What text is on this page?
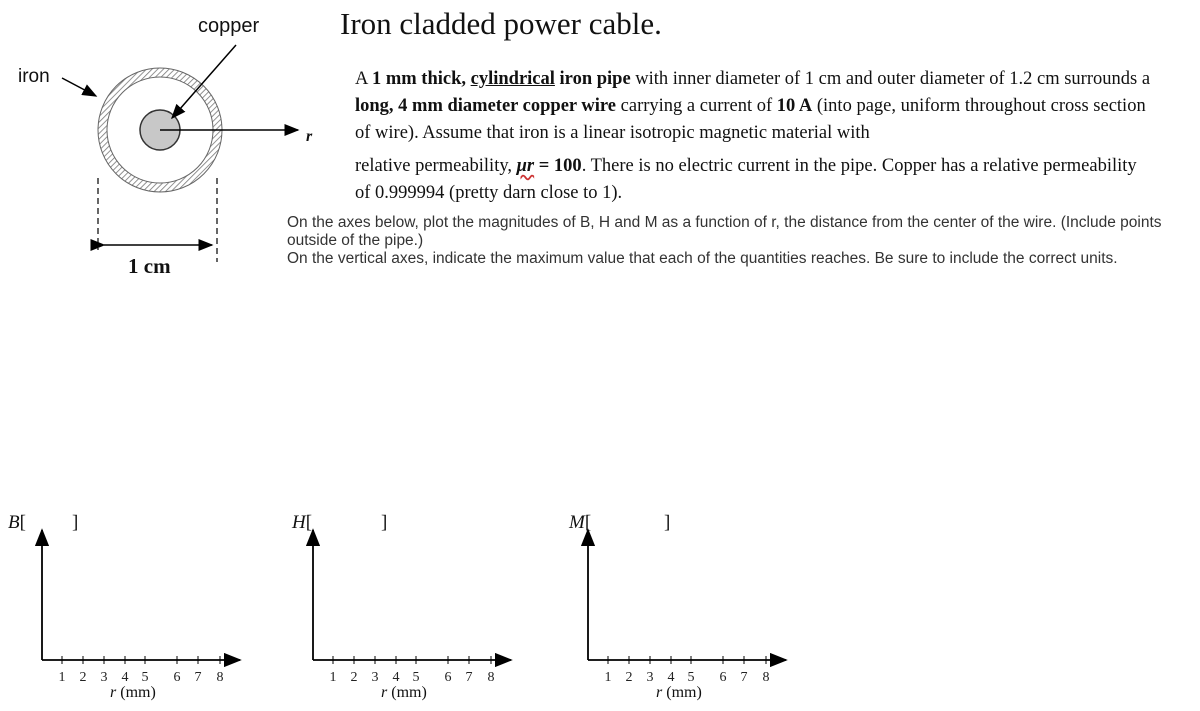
Iron cladded power cable.
copper
iron
1 cm
r

A 1 mm thick, cylindrical iron pipe with inner diameter of 1 cm and outer diameter of 1.2 cm surrounds a long, 4 mm diameter copper wire carrying a current of 10 A (into page, uniform throughout cross section of wire). Assume that iron is a linear isotropic magnetic material with

relative permeability, μr = 100. There is no electric current in the pipe. Copper has a relative permeability of 0.999994 (pretty darn close to 1).

On the axes below, plot the magnitudes of B, H and M as a function of r, the distance from the center of the wire. (Include points outside of the pipe.)

On the vertical axes, indicate the maximum value that each of the quantities reaches. Be sure to include the correct units.

1 2 3 4 5 6 7 8	1 2 3 4 5 6 7 8	1 2 3 4 5 6 7 8
B[ ]
r (mm)
H[	]
r (mm)
M[	]
r (mm)
